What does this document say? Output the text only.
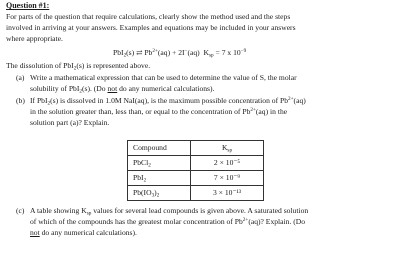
Question #1:
For parts of the question that require calculations, clearly show the method used and the steps
involved in arriving at your answers. Examples and equations may be included in your answers
where appropriate.
PbI$_2$(s) ⇄ $Pb^{2+}(aq) + 2I^-(aq) K_{sp} = 7$ x $10^{-9}$
The dissolution of PbI$_2$(s) is represented above.
(a) Write a mathematical expression that can be used to determine the value of S, the molar
solubility of PbI$_2$(s). (Do not do any numerical calculations).
(b) If PbI$_2$(s) is dissolved in 1.0M NaI(aq), is the maximum possible concentration of $Pb^{2+}(aq)$
in the solution greater than, less than, or equal to the concentration of $Pb^{2+}(aq)$ in the
solution part (a)? Explain.
Compound	$K_{sp}$
PbCl$_2$	2 × 10⁻⁵
PbI$_2$	7 × 10⁻⁹
$Pb(IO_3)_2$	3 × 10⁻¹³
(c) A table showing $K_{sp}$ values for several lead compounds is given above. A saturated solution
of which of the compounds has the greatest molar concentration of $Pb^{2+}(aq)$? Explain. (Do
not do any numerical calculations).
